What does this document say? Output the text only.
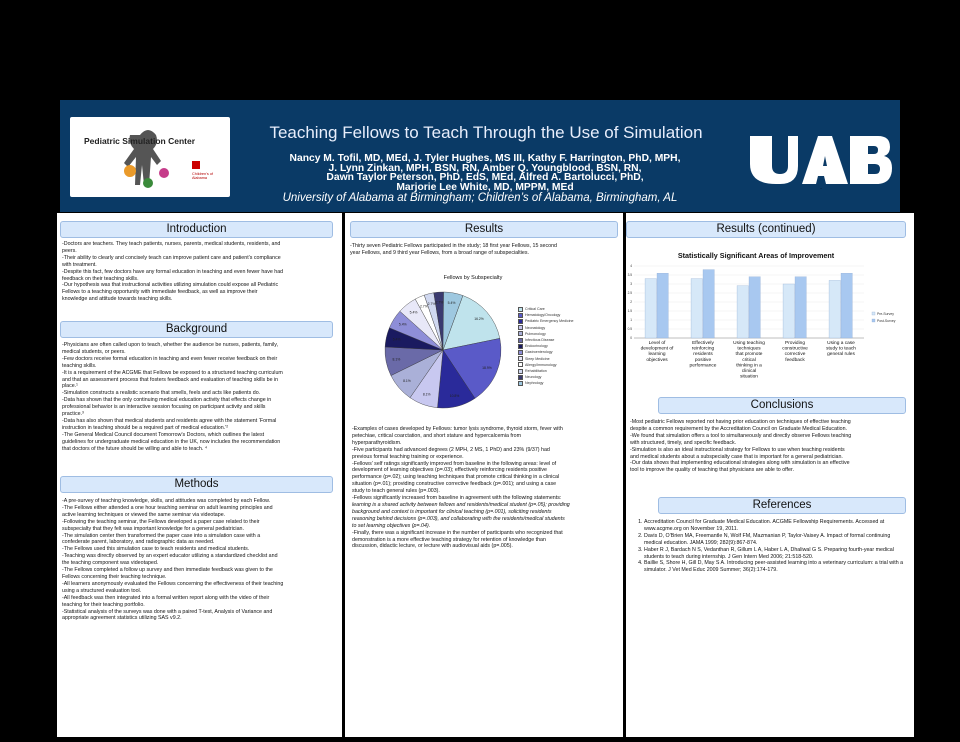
Pediatric Simulation Center

Children's of Alabama
Teaching Fellows to Teach Through the Use of Simulation
Nancy M. Tofil, MD, MEd, J. Tyler Hughes, MS III, Kathy F. Harrington, PhD, MPH,
J. Lynn Zinkan, MPH, BSN, RN, Amber Q. Youngblood, BSN, RN,
Dawn Taylor Peterson, PhD, EdS, MEd, Alfred A. Bartolucci, PhD,
Marjorie Lee White, MD, MPPM, MEd
University of Alabama at Birmingham; Children’s of Alabama, Birmingham, AL
UAB
Introduction

-Doctors are teachers. They teach patients, nurses, parents, medical students, residents, and

peers.

-Their ability to clearly and concisely teach can improve patient care and patient’s compliance

with treatment.

-Despite this fact, few doctors have any formal education in teaching and even fewer have had

feedback on their teaching skills.

-Our hypothesis was that instructional activities utilizing simulation could expose all Pediatric

Fellows to a teaching opportunity with immediate feedback, as well as improve their

knowledge and attitude towards teaching skills.

Background

-Physicians are often called upon to teach, whether the audience be nurses, patients, family,

medical students, or peers.

-Few doctors receive formal education in teaching and even fewer receive feedback on their

teaching skills.

-It is a requirement of the ACGME that Fellows be exposed to a structured teaching curriculum

and that an assessment process that fosters feedback and evaluation of teaching skills be in

place.¹

-Simulation constructs a realistic scenario that smells, feels and acts like patients do.

-Data has shown that the only continuing medical education activity that effects change in

professional behavior is an interactive session focusing on participant activity and skills

practice.³

-Data has also shown that medical students and residents agree with the statement ‘Formal

instruction in teaching should be a required part of medical education.’²

-The General Medical Council document Tomorrow’s Doctors, which outlines the latest

guidelines for undergraduate medical education in the UK, now includes the recommendation

that doctors of the future should be willing and able to teach. ⁴

Methods

-A pre-survey of teaching knowledge, skills, and attitudes was completed by each Fellow.

-The Fellows either attended a one hour teaching seminar on adult learning principles and

active learning techniques or viewed the same seminar via videotape.

-Following the teaching seminar, the Fellows developed a paper case related to their

subspecialty that they felt was important knowledge for a general pediatrician.

-The simulation center then transformed the paper case into a simulation case with a

confederate parent, laboratory, and radiographic data as needed.

-The Fellows used this simulation case to teach residents and medical students.

-Teaching was directly observed by an expert educator utilizing a standardized checklist and

the teaching component was videotaped.

-The Fellows completed a follow up survey and then immediate feedback was given to the

Fellows concerning their teaching technique.

-All learners anonymously evaluated the Fellows concerning the effectiveness of their teaching

using a structured evaluation tool.

-All feedback was then integrated into a formal written report along with the video of their

teaching for their teaching portfolio.

-Statistical analysis of the surveys was done with a paired T-test, Analysis of Variance and

appropriate agreement statistics utilizing SAS v9.2.

Results

-Thirty seven Pediatric Fellows participated in the study; 18 first year Fellows, 15 second

year Fellows, and 9 third year Fellows, from a broad range of subspecialties.

Fellows by Subspecialty
16.2%
18.9%
10.8%
8.1%
8.1%
8.1%
5.4%
5.4%
5.4%
2.7%
2.7% 2.7% 5.4%
Critical Care
Hematology/Oncology
Pediatric Emergency Medicine
Neonatology
Pulmonology
Infectious Disease
Endocrinology
Gastroenterology
Sleep Medicine
Allergy/Immunology
Rehabilitation
Neurology
Nephrology

-Examples of cases developed by Fellows: tumor lysis syndrome, thyroid storm, fever with

petechiae, critical coarctation, and short stature and hypercalcemia from

hyperparathyroidism.

-Five participants had advanced degrees (2 MPH, 2 MS, 1 PhD) and 23% (9/37) had

previous formal teaching training or experience.

-Fellows’ self ratings significantly improved from baseline in the following areas: level of

development of learning objectives (p=.03); effectively reinforcing residents positive

performance (p=.02); using teaching techniques that promote critical thinking in a clinical

situation (p=.01); providing constructive corrective feedback (p=.001); and using a case

study to teach general rules (p=.003).

-Fellows significantly increased from baseline in agreement with the following statements:

learning is a shared activity between fellows and residents/medical student (p=.05); providing

background and context is important for clinical teaching (p=.001), soliciting residents

reasoning behind decisions (p=.003), and collaborating with the residents/medical students

to set learning objectives (p=.04).

-Finally, there was a significant increase in the number of participants who recognized that

demonstration is a more effective teaching strategy for retention of knowledge than

discussion, didactic lecture, or lecture with audiovisual aids (p=.005).

Results (continued)
Statistically Significant Areas of Improvement
0
0.5
1
1.5
2
2.5
3
3.5
4
Level of development of learning objectives
Effectively reinforcing residents positive performance
Using teaching techniques that promote critical thinking in a clinical situation
Providing constructive corrective feedback
Using a case study to teach general rules
Pre-Survey
Post-Survey
Conclusions

-Most pediatric Fellows reported not having prior education on techniques of effective teaching

despite a common requirement by the Accreditation Council on Graduate Medical Education.

-We found that simulation offers a tool to simultaneously and directly observe Fellows teaching

with structured, timely, and specific feedback.

-Simulation is also an ideal instructional strategy for Fellows to use when teaching residents

and medical students about a subspecialty case that is important for a general pediatrician.

-Our data shows that implementing educational strategies along with simulation is an effective

tool to improve the quality of teaching that physicians are able to offer.

References
1. Accreditation Council for Graduate Medical Education. ACGME Fellowship Requirements. Accessed at www.acgme.org on November 19, 2011.
2. Davis D, O’Brien MA, Freemantle N, Wolf FM, Mazmanian P, Taylor-Vaisey A. Impact of formal continuing medical education. JAMA 1999; 282(9):867-874.
3. Haber R J, Bardach N S, Vedanthan R, Gillum L A, Haber L A, Dhaliwal G S. Preparing fourth-year medical students to teach during internship. J Gen Intern Med 2006; 21:518-520.
4. Baillie S, Shore H, Gill D, May S A. Introducing peer-assisted learning into a veterinary curriculum: a trial with a simulator. J Vet Med Educ 2009 Summer; 36(2):174-179.
